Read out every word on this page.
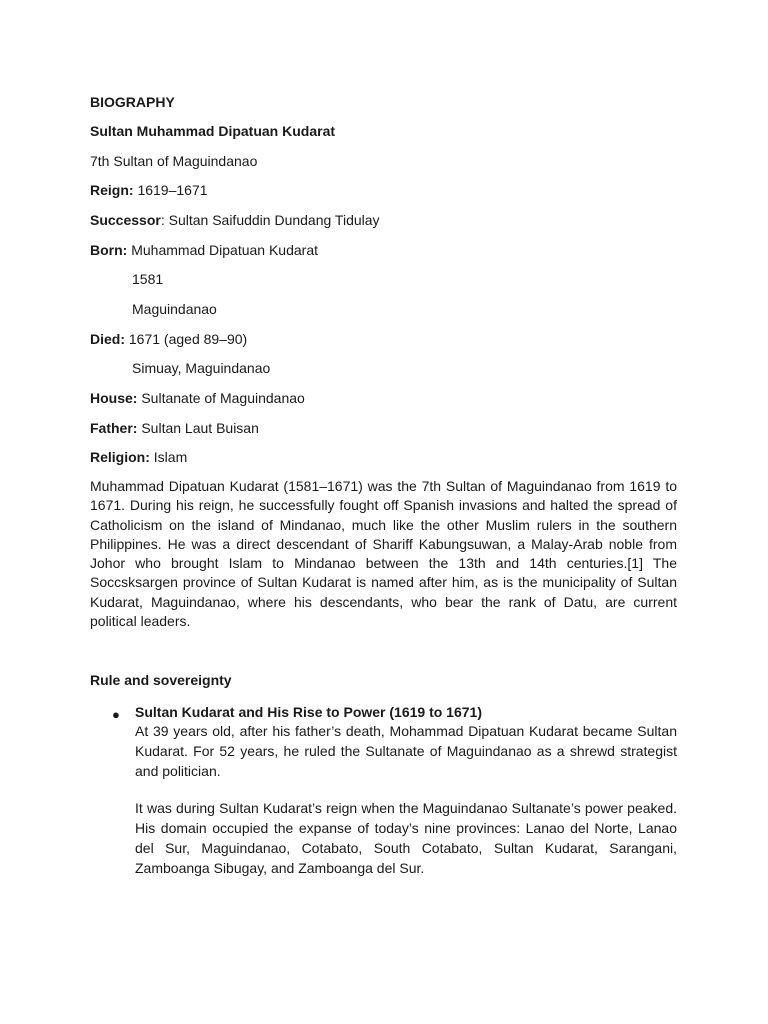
BIOGRAPHY
Sultan Muhammad Dipatuan Kudarat
7th Sultan of Maguindanao
Reign: 1619–1671
Successor: Sultan Saifuddin Dundang Tidulay
Born: Muhammad Dipatuan Kudarat
1581
Maguindanao
Died: 1671 (aged 89–90)
Simuay, Maguindanao
House: Sultanate of Maguindanao
Father: Sultan Laut Buisan
Religion: Islam
Muhammad Dipatuan Kudarat (1581–1671) was the 7th Sultan of Maguindanao from 1619 to 1671. During his reign, he successfully fought off Spanish invasions and halted the spread of Catholicism on the island of Mindanao, much like the other Muslim rulers in the southern Philippines. He was a direct descendant of Shariff Kabungsuwan, a Malay-Arab noble from Johor who brought Islam to Mindanao between the 13th and 14th centuries.[1] The Soccsksargen province of Sultan Kudarat is named after him, as is the municipality of Sultan Kudarat, Maguindanao, where his descendants, who bear the rank of Datu, are current political leaders.
Rule and sovereignty
● Sultan Kudarat and His Rise to Power (1619 to 1671)
At 39 years old, after his father’s death, Mohammad Dipatuan Kudarat became Sultan Kudarat. For 52 years, he ruled the Sultanate of Maguindanao as a shrewd strategist and politician.
It was during Sultan Kudarat’s reign when the Maguindanao Sultanate’s power peaked. His domain occupied the expanse of today’s nine provinces: Lanao del Norte, Lanao del Sur, Maguindanao, Cotabato, South Cotabato, Sultan Kudarat, Sarangani, Zamboanga Sibugay, and Zamboanga del Sur.
